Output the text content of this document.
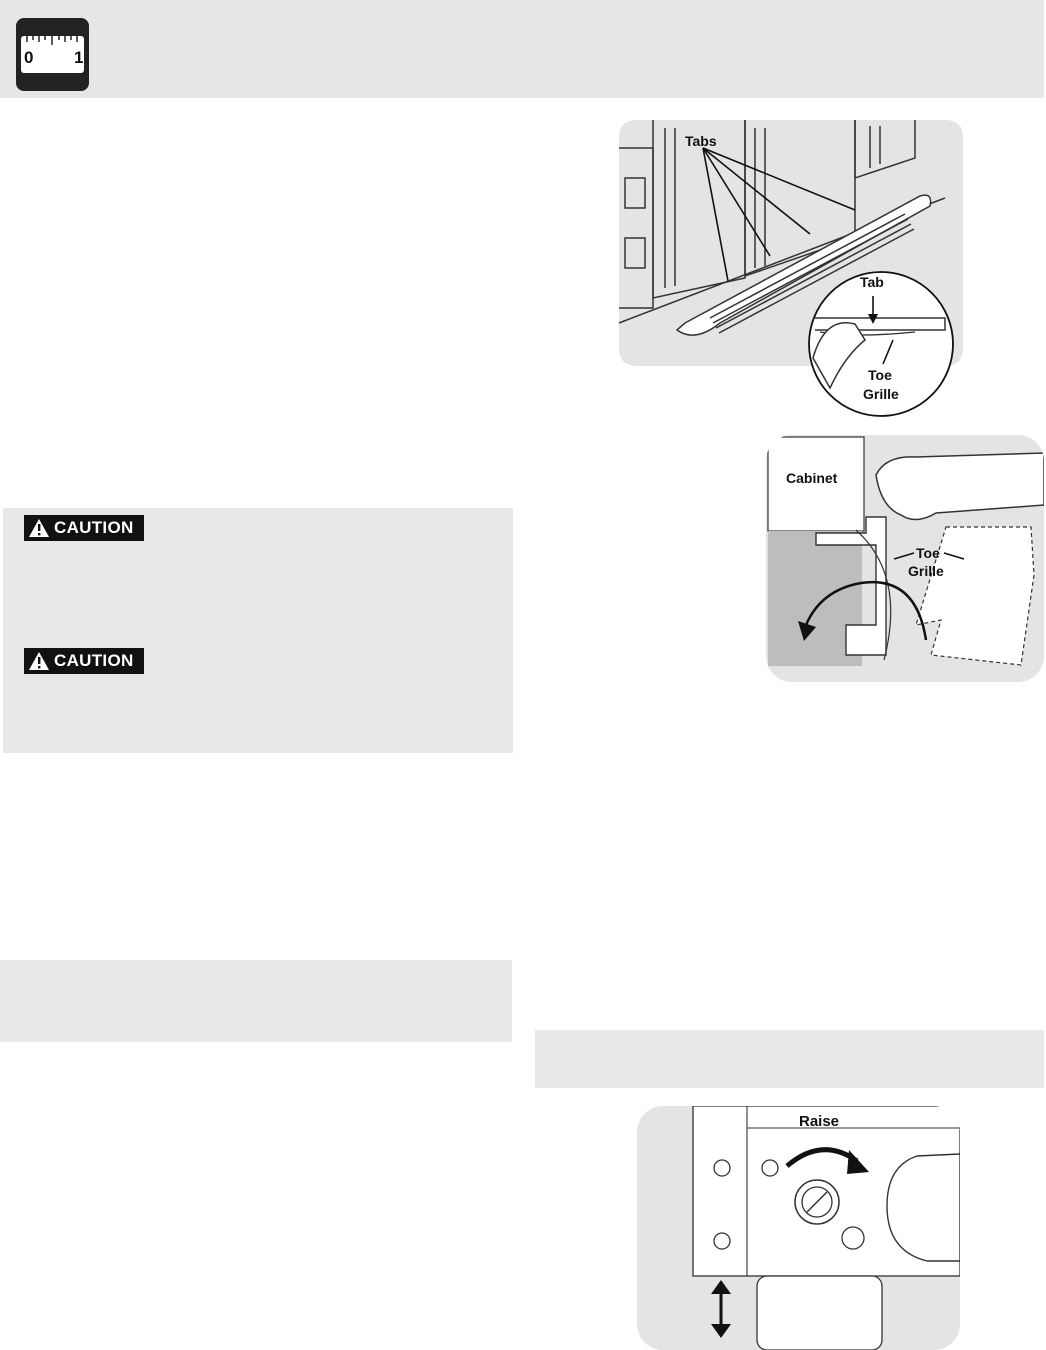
0 1
CAUTION
CAUTION
Tabs
Tab
Toe
Grille
Cabinet
Toe
Grille
Raise
